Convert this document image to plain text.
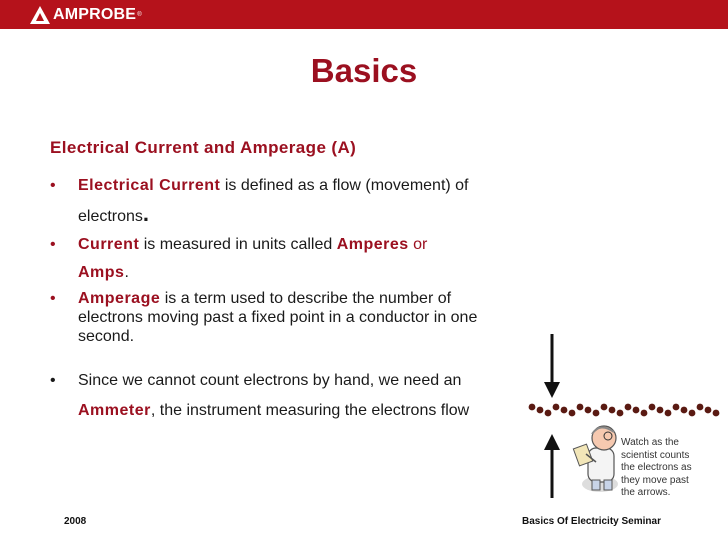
AMPROBE ®
Basics
Electrical Current and Amperage (A)
• Electrical Current is defined as a flow (movement) of electrons.
• Current is measured in units called Amperes or
Amps.
• Amperage is a term used to describe the number of electrons moving past a fixed point in a conductor in one second.
• Since we cannot count electrons by hand, we need an Ammeter, the instrument measuring the electrons flow
Watch as the
scientist counts
the electrons as
they move past
the arrows.
2008	Basics Of Electricity Seminar
